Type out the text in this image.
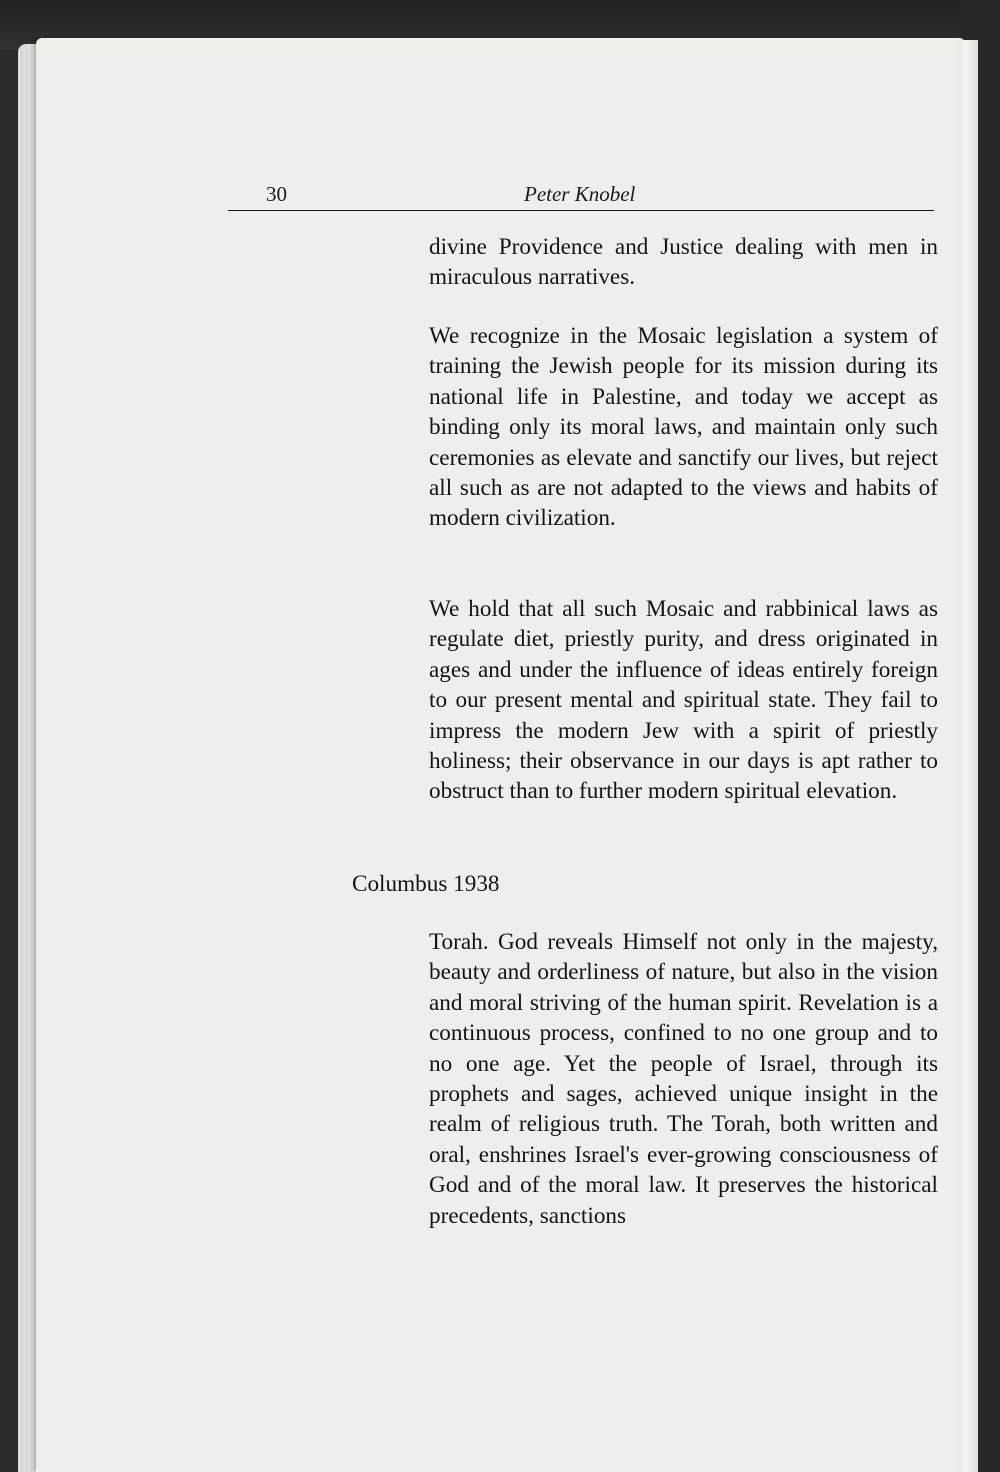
30	Peter Knobel
divine Providence and Justice dealing with men in miraculous narratives.
We recognize in the Mosaic legislation a system of training the Jewish people for its mission during its national life in Palestine, and today we accept as binding only its moral laws, and maintain only such ceremonies as elevate and sanctify our lives, but reject all such as are not adapted to the views and habits of modern civilization.
We hold that all such Mosaic and rabbinical laws as regulate diet, priestly purity, and dress originated in ages and under the influence of ideas entirely foreign to our present mental and spiritual state. They fail to impress the modern Jew with a spirit of priestly holiness; their observance in our days is apt rather to obstruct than to further modern spiritual elevation.
Columbus 1938
Torah. God reveals Himself not only in the majesty, beauty and orderliness of nature, but also in the vision and moral striving of the human spirit. Revelation is a continuous process, confined to no one group and to no one age. Yet the people of Israel, through its prophets and sages, achieved unique insight in the realm of religious truth. The Torah, both written and oral, enshrines Israel's ever-growing consciousness of God and of the moral law. It preserves the historical precedents, sanctions
